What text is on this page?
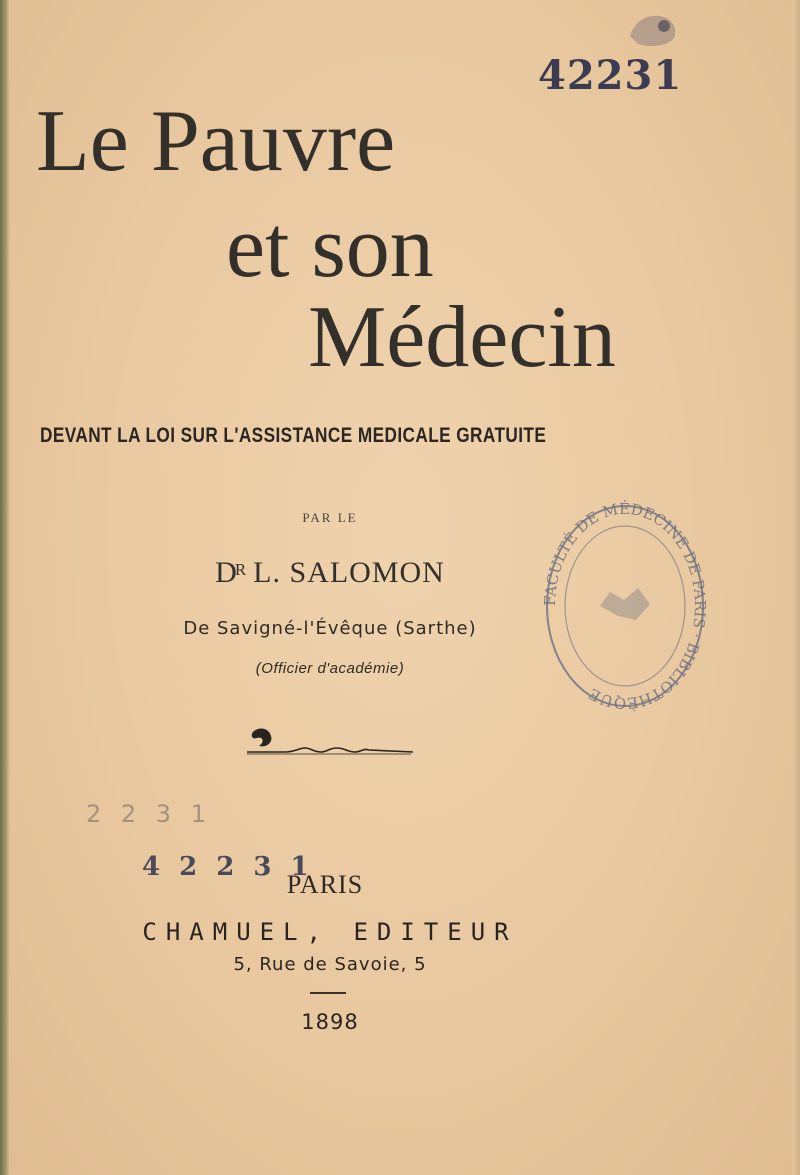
42231
Le Pauvre
et son
Médecin
DEVANT LA LOI SUR L'ASSISTANCE MEDICALE GRATUITE
PAR LE
$D^R$ L. SALOMON
De Savigné-l'Évêque (Sarthe)
(Officier d'académie)
FACULTÉ DE MÉDECINE DE PARIS · BIBLIOTHÈQUE
2 2 3 1
4 2 2 3 1
PARIS
CHAMUEL, EDITEUR
5, Rue de Savoie, 5
1898
